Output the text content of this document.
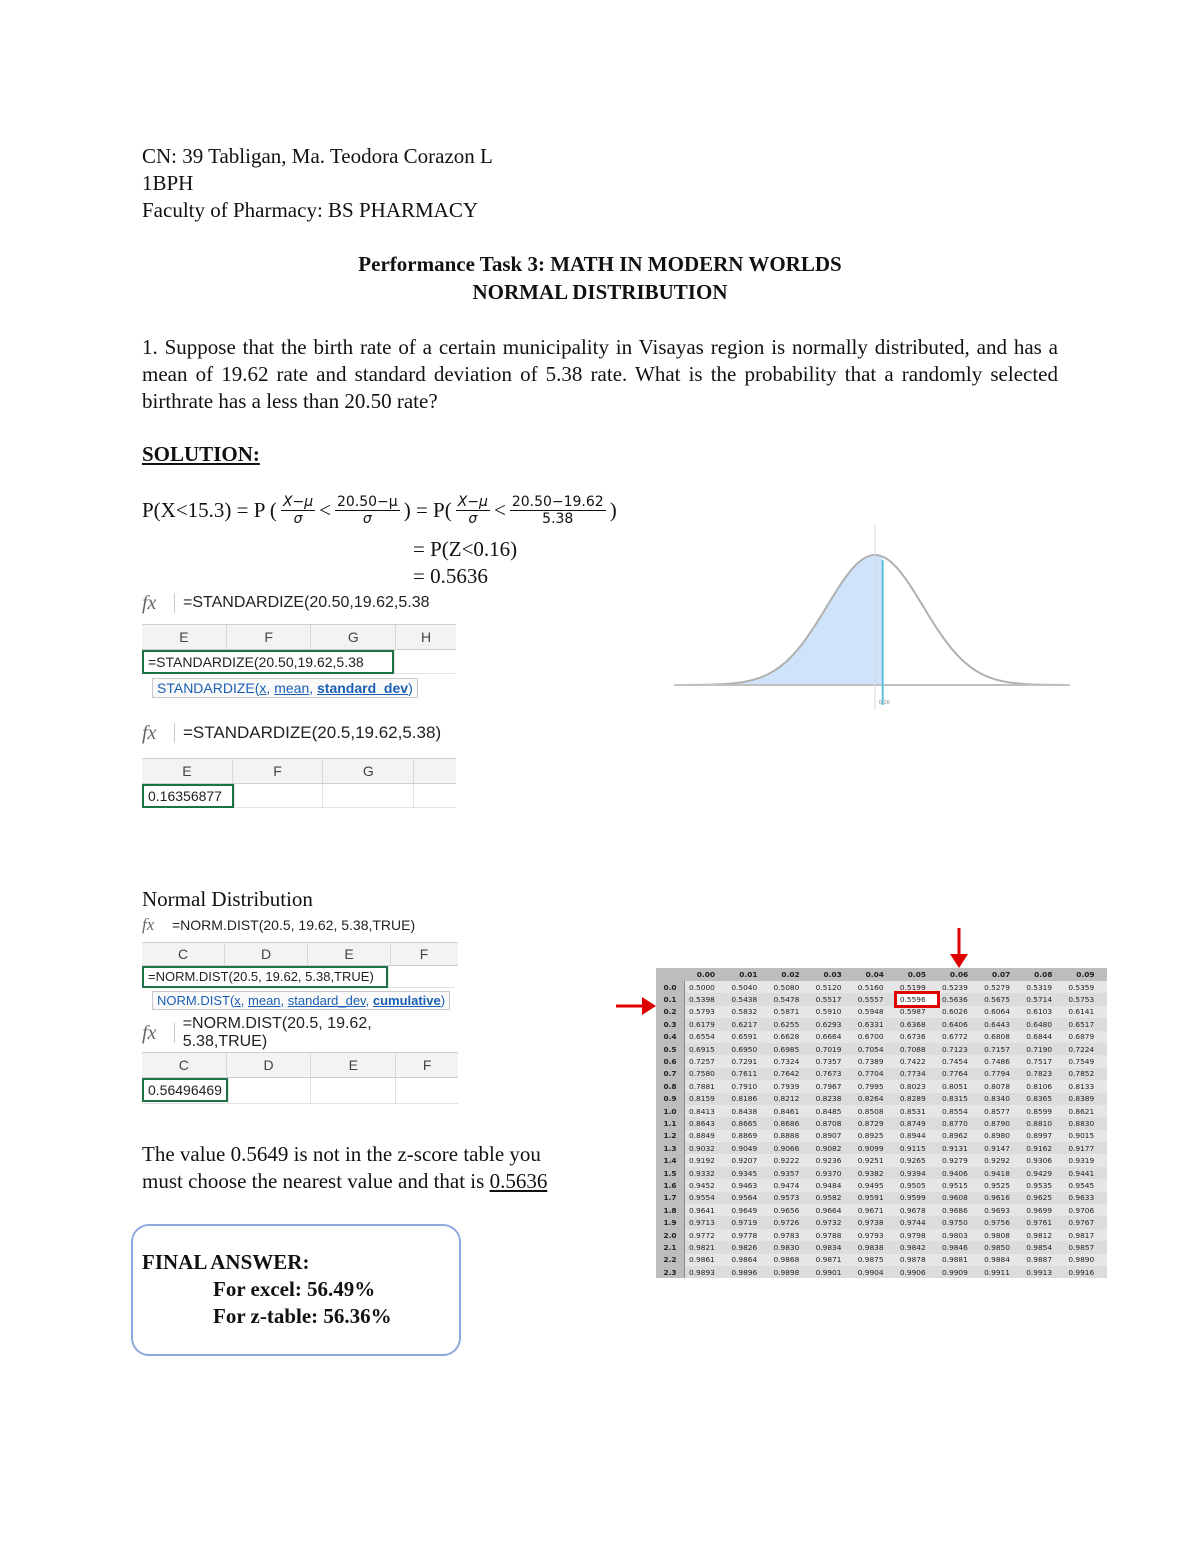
CN: 39 Tabligan, Ma. Teodora Corazon L
1BPH
Faculty of Pharmacy: BS PHARMACY
Performance Task 3: MATH IN MODERN WORLDS
NORMAL DISTRIBUTION
1. Suppose that the birth rate of a certain municipality in Visayas region is normally distributed, and has a mean of 19.62 rate and standard deviation of 5.38 rate. What is the probability that a randomly selected birthrate has a less than 20.50 rate?
SOLUTION:
P(X<15.3) = P ( $\frac{X-\mu}{\sigma} < \frac{20.50-\mu}{\sigma}$ ) = $P( \frac{X-\mu}{\sigma} < \frac{20.50-19.62}{5.38}$ )
= P(Z<0.16)
= 0.5636
fx	=STANDARDIZE(20.50,19.62,5.38
E	F	G	H
=STANDARDIZE(20.50,19.62,5.38
STANDARDIZE(x, mean, standard_dev)
fx	=STANDARDIZE(20.5,19.62,5.38)
E	F	G
0.16356877
0.16
Normal Distribution
fx	=NORM.DIST(20.5, 19.62, 5.38,TRUE)
C	D	E	F
=NORM.DIST(20.5, 19.62, 5.38,TRUE)
NORM.DIST(x, mean, standard_dev, cumulative)
fx	=NORM.DIST(20.5, 19.62, 5.38,TRUE)
C	D	E	F
0.56496469
The value 0.5649 is not in the z-score table you
must choose the nearest value and that is 0.5636
FINAL ANSWER:
For excel: 56.49%
For z-table: 56.36%
	0.00	0.01	0.02	0.03	0.04	0.05	0.06	0.07	0.08	0.09
0.0	0.5000	0.5040	0.5080	0.5120	0.5160	0.5199	0.5239	0.5279	0.5319	0.5359
0.1	0.5398	0.5438	0.5478	0.5517	0.5557	0.5596	0.5636	0.5675	0.5714	0.5753
0.2	0.5793	0.5832	0.5871	0.5910	0.5948	0.5987	0.6026	0.6064	0.6103	0.6141
0.3	0.6179	0.6217	0.6255	0.6293	0.6331	0.6368	0.6406	0.6443	0.6480	0.6517
0.4	0.6554	0.6591	0.6628	0.6664	0.6700	0.6736	0.6772	0.6808	0.6844	0.6879
0.5	0.6915	0.6950	0.6985	0.7019	0.7054	0.7088	0.7123	0.7157	0.7190	0.7224
0.6	0.7257	0.7291	0.7324	0.7357	0.7389	0.7422	0.7454	0.7486	0.7517	0.7549
0.7	0.7580	0.7611	0.7642	0.7673	0.7704	0.7734	0.7764	0.7794	0.7823	0.7852
0.8	0.7881	0.7910	0.7939	0.7967	0.7995	0.8023	0.8051	0.8078	0.8106	0.8133
0.9	0.8159	0.8186	0.8212	0.8238	0.8264	0.8289	0.8315	0.8340	0.8365	0.8389
1.0	0.8413	0.8438	0.8461	0.8485	0.8508	0.8531	0.8554	0.8577	0.8599	0.8621
1.1	0.8643	0.8665	0.8686	0.8708	0.8729	0.8749	0.8770	0.8790	0.8810	0.8830
1.2	0.8849	0.8869	0.8888	0.8907	0.8925	0.8944	0.8962	0.8980	0.8997	0.9015
1.3	0.9032	0.9049	0.9066	0.9082	0.9099	0.9115	0.9131	0.9147	0.9162	0.9177
1.4	0.9192	0.9207	0.9222	0.9236	0.9251	0.9265	0.9279	0.9292	0.9306	0.9319
1.5	0.9332	0.9345	0.9357	0.9370	0.9382	0.9394	0.9406	0.9418	0.9429	0.9441
1.6	0.9452	0.9463	0.9474	0.9484	0.9495	0.9505	0.9515	0.9525	0.9535	0.9545
1.7	0.9554	0.9564	0.9573	0.9582	0.9591	0.9599	0.9608	0.9616	0.9625	0.9633
1.8	0.9641	0.9649	0.9656	0.9664	0.9671	0.9678	0.9686	0.9693	0.9699	0.9706
1.9	0.9713	0.9719	0.9726	0.9732	0.9738	0.9744	0.9750	0.9756	0.9761	0.9767
2.0	0.9772	0.9778	0.9783	0.9788	0.9793	0.9798	0.9803	0.9808	0.9812	0.9817
2.1	0.9821	0.9826	0.9830	0.9834	0.9838	0.9842	0.9846	0.9850	0.9854	0.9857
2.2	0.9861	0.9864	0.9868	0.9871	0.9875	0.9878	0.9881	0.9884	0.9887	0.9890
2.3	0.9893	0.9896	0.9898	0.9901	0.9904	0.9906	0.9909	0.9911	0.9913	0.9916
